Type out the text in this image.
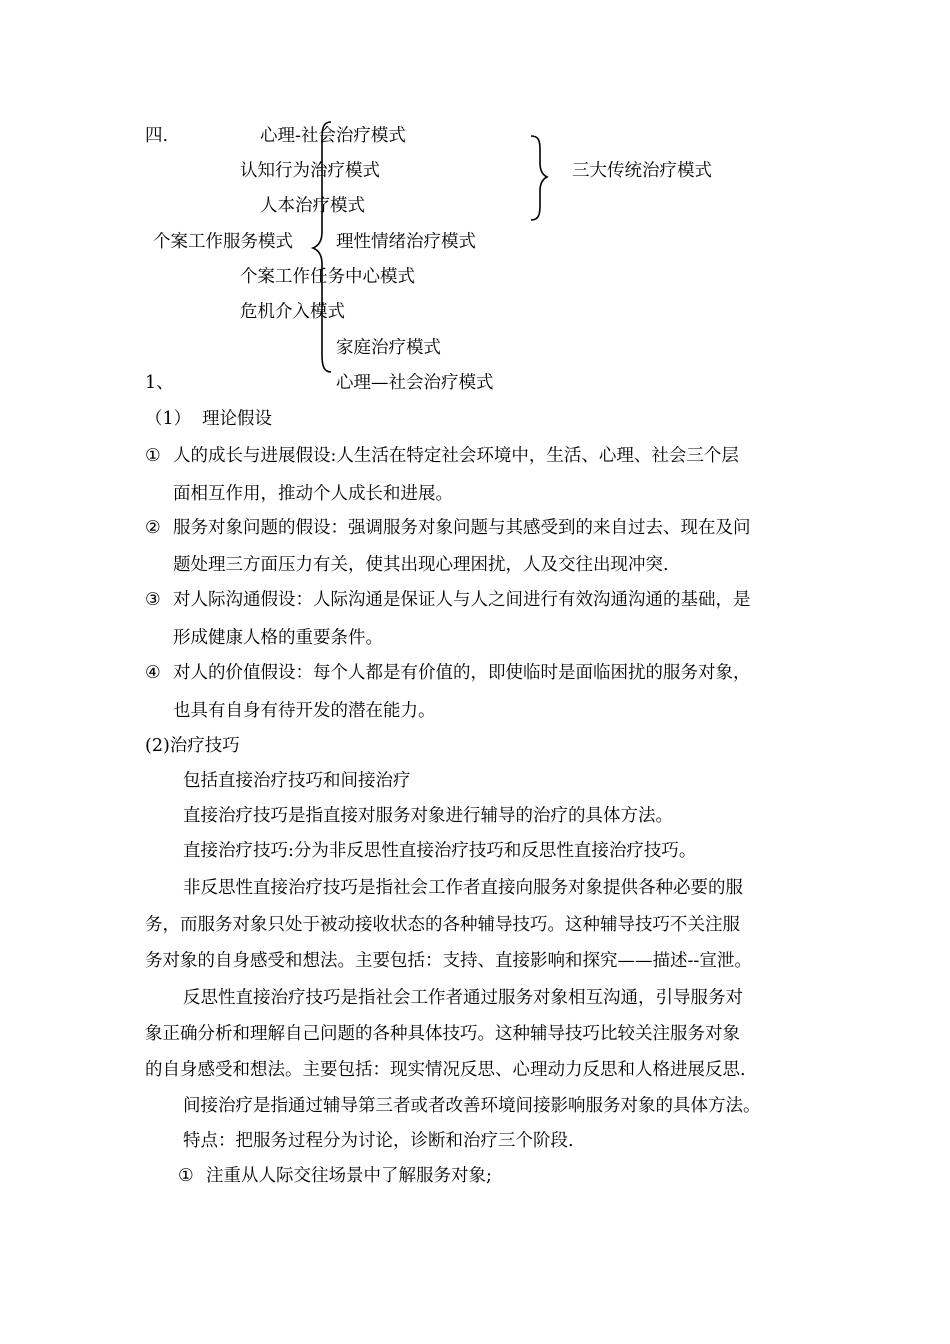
四.	心理-社会治疗模式
认知行为治疗模式
人本治疗模式
三大传统治疗模式
个案工作服务模式 理性情绪治疗模式
个案工作任务中心模式
危机介入模式
家庭治疗模式
1、	心理—社会治疗模式
（1） 理论假设
① 人的成长与进展假设:人生活在特定社会环境中，生活、心理、社会三个层
面相互作用，推动个人成长和进展。
② 服务对象问题的假设：强调服务对象问题与其感受到的来自过去、现在及问
题处理三方面压力有关，使其出现心理困扰，人及交往出现冲突.
③ 对人际沟通假设：人际沟通是保证人与人之间进行有效沟通沟通的基础，是
形成健康人格的重要条件。
④ 对人的价值假设：每个人都是有价值的，即使临时是面临困扰的服务对象，
也具有自身有待开发的潜在能力。
(2)治疗技巧
包括直接治疗技巧和间接治疗
直接治疗技巧是指直接对服务对象进行辅导的治疗的具体方法。
直接治疗技巧:分为非反思性直接治疗技巧和反思性直接治疗技巧。
非反思性直接治疗技巧是指社会工作者直接向服务对象提供各种必要的服
务，而服务对象只处于被动接收状态的各种辅导技巧。这种辅导技巧不关注服
务对象的自身感受和想法。主要包括：支持、直接影响和探究——描述--宣泄。
反思性直接治疗技巧是指社会工作者通过服务对象相互沟通，引导服务对
象正确分析和理解自己问题的各种具体技巧。这种辅导技巧比较关注服务对象
的自身感受和想法。主要包括：现实情况反思、心理动力反思和人格进展反思.
间接治疗是指通过辅导第三者或者改善环境间接影响服务对象的具体方法。
特点：把服务过程分为讨论，诊断和治疗三个阶段.
① 注重从人际交往场景中了解服务对象;
